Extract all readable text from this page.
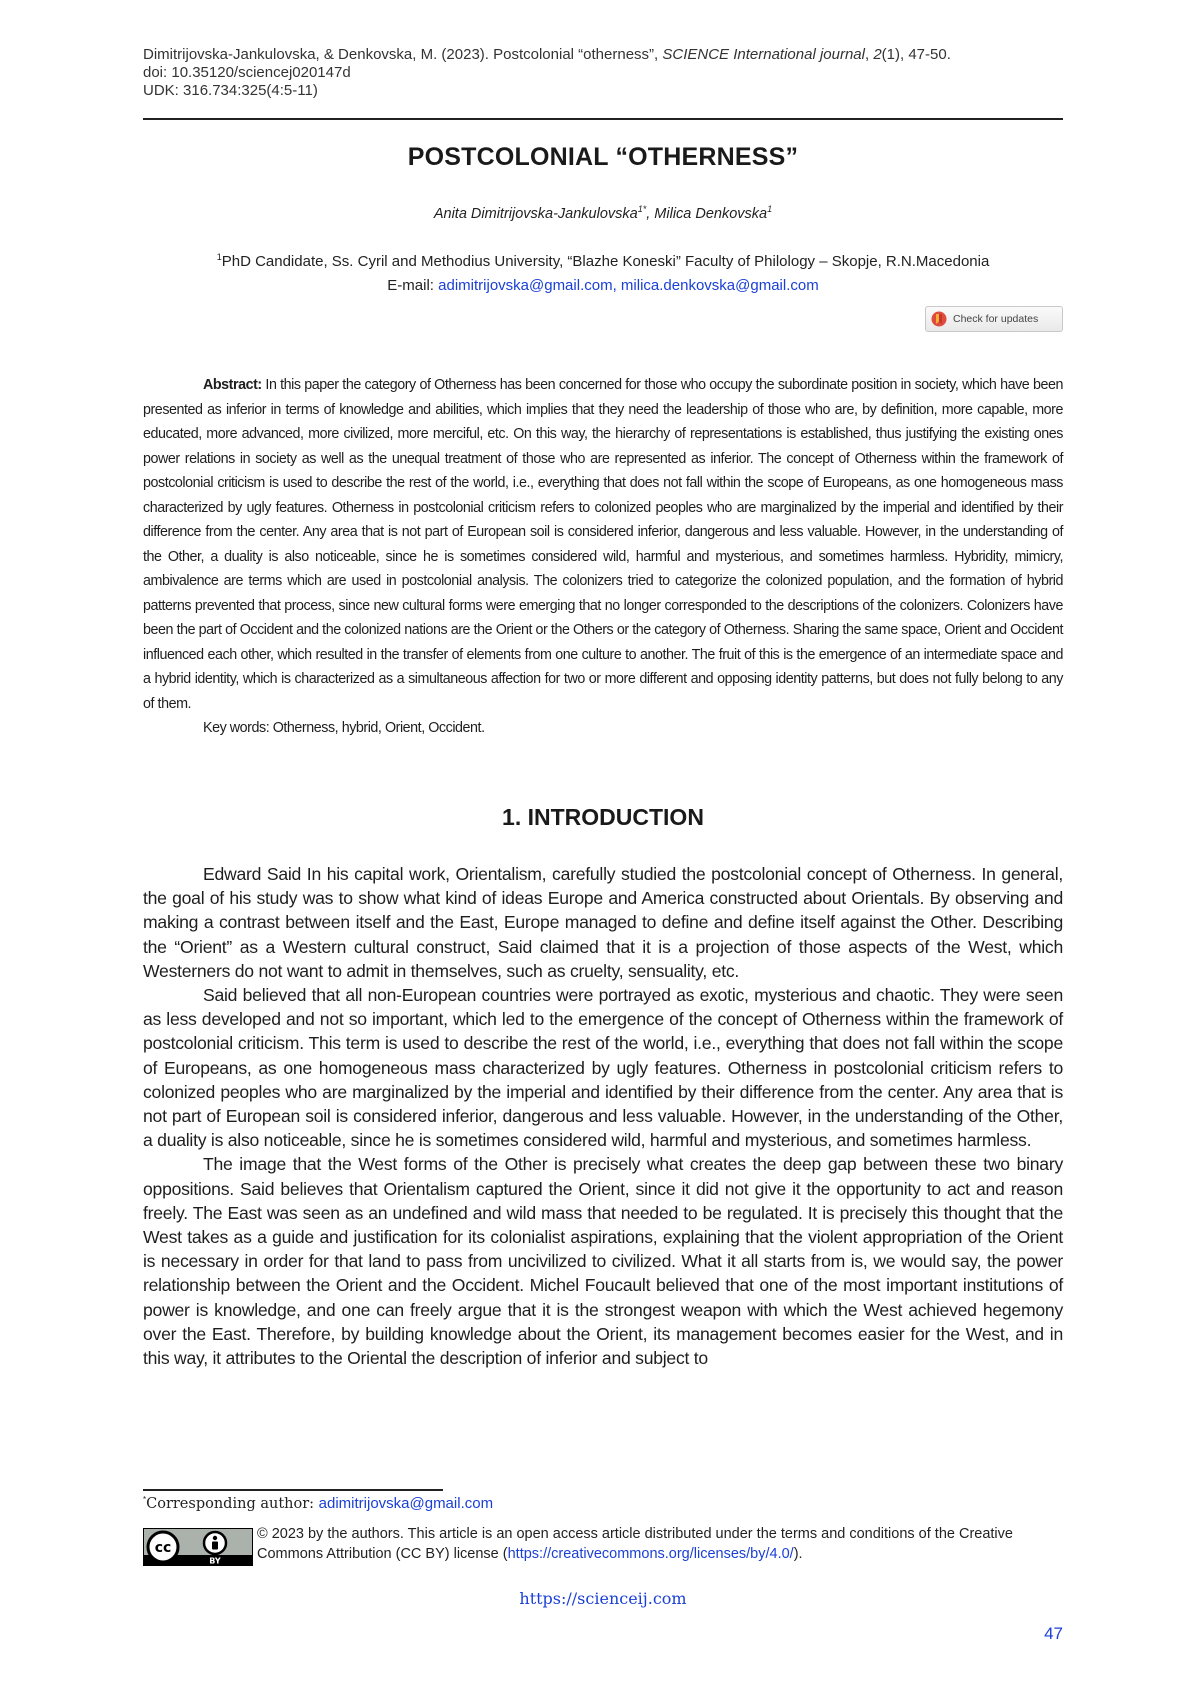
Dimitrijovska-Jankulovska, & Denkovska, M. (2023). Postcolonial “otherness”, SCIENCE International journal, 2(1), 47-50.
doi: 10.35120/sciencej020147d
UDK: 316.734:325(4:5-11)
POSTCOLONIAL “OTHERNESS”
Anita Dimitrijovska-Jankulovska$^{1*}$, Milica Denkovska$^1$
$^1$PhD Candidate, Ss. Cyril and Methodius University, “Blazhe Koneski” Faculty of Philology – Skopje, R.N.Macedonia
E-mail: adimitrijovska@gmail.com, milica.denkovska@gmail.com
Check for updates

Abstract: In this paper the category of Otherness has been concerned for those who occupy the subordinate position in society, which have been presented as inferior in terms of knowledge and abilities, which implies that they need the leadership of those who are, by definition, more capable, more educated, more advanced, more civilized, more merciful, etc. On this way, the hierarchy of representations is established, thus justifying the existing ones power relations in society as well as the unequal treatment of those who are represented as inferior. The concept of Otherness within the framework of postcolonial criticism is used to describe the rest of the world, i.e., everything that does not fall within the scope of Europeans, as one homogeneous mass characterized by ugly features. Otherness in postcolonial criticism refers to colonized peoples who are marginalized by the imperial and identified by their difference from the center. Any area that is not part of European soil is considered inferior, dangerous and less valuable. However, in the understanding of the Other, a duality is also noticeable, since he is sometimes considered wild, harmful and mysterious, and sometimes harmless. Hybridity, mimicry, ambivalence are terms which are used in postcolonial analysis. The colonizers tried to categorize the colonized population, and the formation of hybrid patterns prevented that process, since new cultural forms were emerging that no longer corresponded to the descriptions of the colonizers. Colonizers have been the part of Occident and the colonized nations are the Orient or the Others or the category of Otherness. Sharing the same space, Orient and Occident influenced each other, which resulted in the transfer of elements from one culture to another. The fruit of this is the emergence of an intermediate space and a hybrid identity, which is characterized as a simultaneous affection for two or more different and opposing identity patterns, but does not fully belong to any of them.

Key words: Otherness, hybrid, Orient, Occident.

1. INTRODUCTION

Edward Said In his capital work, Orientalism, carefully studied the postcolonial concept of Otherness. In general, the goal of his study was to show what kind of ideas Europe and America constructed about Orientals. By observing and making a contrast between itself and the East, Europe managed to define and define itself against the Other. Describing the “Orient” as a Western cultural construct, Said claimed that it is a projection of those aspects of the West, which Westerners do not want to admit in themselves, such as cruelty, sensuality, etc.

Said believed that all non-European countries were portrayed as exotic, mysterious and chaotic. They were seen as less developed and not so important, which led to the emergence of the concept of Otherness within the framework of postcolonial criticism. This term is used to describe the rest of the world, i.e., everything that does not fall within the scope of Europeans, as one homogeneous mass characterized by ugly features. Otherness in postcolonial criticism refers to colonized peoples who are marginalized by the imperial and identified by their difference from the center. Any area that is not part of European soil is considered inferior, dangerous and less valuable. However, in the understanding of the Other, a duality is also noticeable, since he is sometimes considered wild, harmful and mysterious, and sometimes harmless.

The image that the West forms of the Other is precisely what creates the deep gap between these two binary oppositions. Said believes that Orientalism captured the Orient, since it did not give it the opportunity to act and reason freely. The East was seen as an undefined and wild mass that needed to be regulated. It is precisely this thought that the West takes as a guide and justification for its colonialist aspirations, explaining that the violent appropriation of the Orient is necessary in order for that land to pass from uncivilized to civilized. What it all starts from is, we would say, the power relationship between the Orient and the Occident. Michel Foucault believed that one of the most important institutions of power is knowledge, and one can freely argue that it is the strongest weapon with which the West achieved hegemony over the East. Therefore, by building knowledge about the Orient, its management becomes easier for the West, and in this way, it attributes to the Oriental the description of inferior and subject to

*Corresponding author: adimitrijovska@gmail.com
cc
BY
© 2023 by the authors. This article is an open access article distributed under the terms and conditions of the Creative Commons Attribution (CC BY) license (https://creativecommons.org/licenses/by/4.0/).
https://scienceij.com
47
